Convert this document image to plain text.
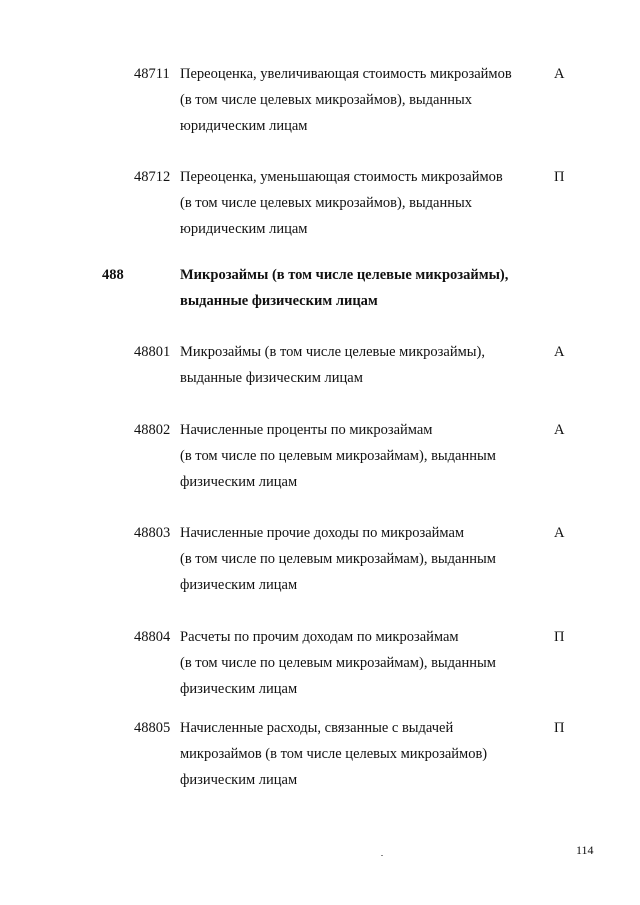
48711 Переоценка, увеличивающая стоимость микрозаймов
(в том числе целевых микрозаймов), выданных
юридическим лицам
А
48712 Переоценка, уменьшающая стоимость микрозаймов
(в том числе целевых микрозаймов), выданных
юридическим лицам
П
488	Микрозаймы (в том числе целевые микрозаймы),
выданные физическим лицам
48801 Микрозаймы (в том числе целевые микрозаймы),
выданные физическим лицам
А
48802 Начисленные проценты по микрозаймам
(в том числе по целевым микрозаймам), выданным
физическим лицам
А
48803 Начисленные прочие доходы по микрозаймам
(в том числе по целевым микрозаймам), выданным
физическим лицам
А
48804 Расчеты по прочим доходам по микрозаймам
(в том числе по целевым микрозаймам), выданным
физическим лицам
П
48805 Начисленные расходы, связанные с выдачей
микрозаймов (в том числе целевых микрозаймов)
физическим лицам
П
114
